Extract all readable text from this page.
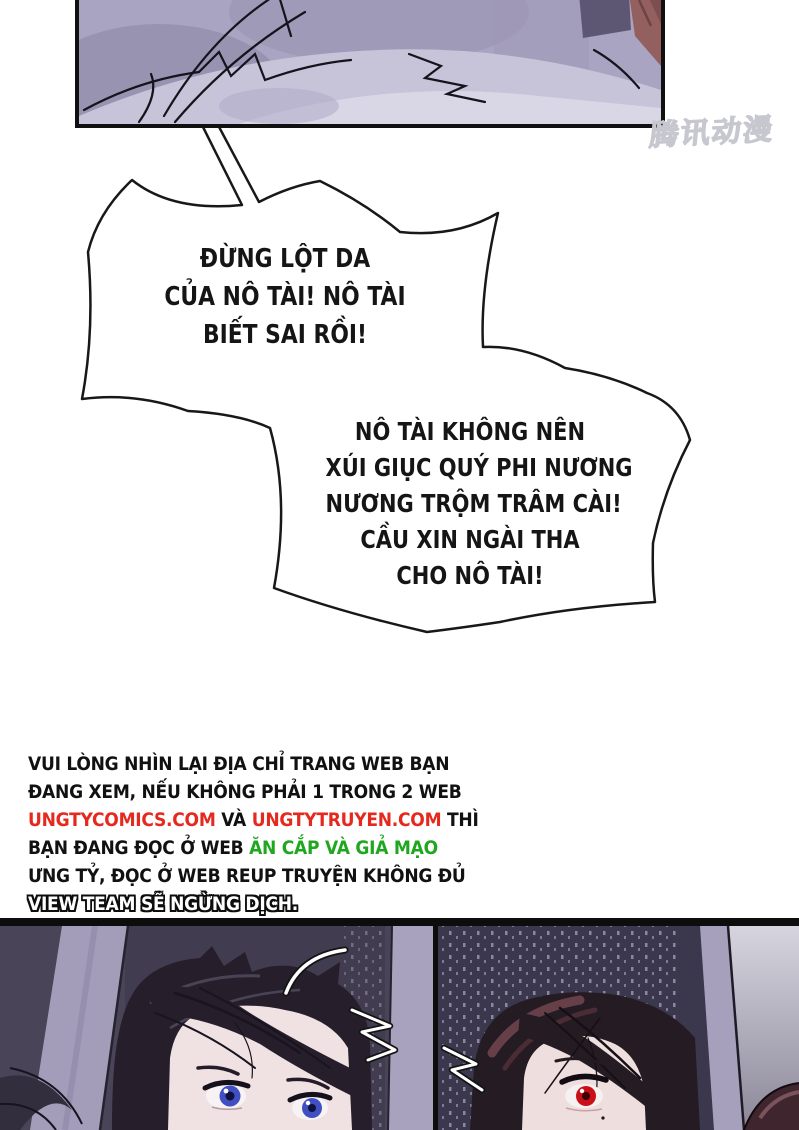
腾讯动漫
ĐỪNG LỘT DA
CỦA NÔ TÀI! NÔ TÀI
BIẾT SAI RỒI!
NÔ TÀI KHÔNG NÊN
XÚI GIỤC QUÝ PHI NƯƠNG
NƯƠNG TRỘM TRÂM CÀI!
CẦU XIN NGÀI THA
CHO NÔ TÀI!
VUI LÒNG NHÌN LẠI ĐỊA CHỈ TRANG WEB BẠN
ĐANG XEM, NẾU KHÔNG PHẢI 1 TRONG 2 WEB
UNGTYCOMICS.COM VÀ UNGTYTRUYEN.COM THÌ
BẠN ĐANG ĐỌC Ở WEB ĂN CẮP VÀ GIẢ MẠO
ƯNG TỶ, ĐỌC Ở WEB REUP TRUYỆN KHÔNG ĐỦ
VIEW TEAM SẼ NGỪNG DỊCH.
